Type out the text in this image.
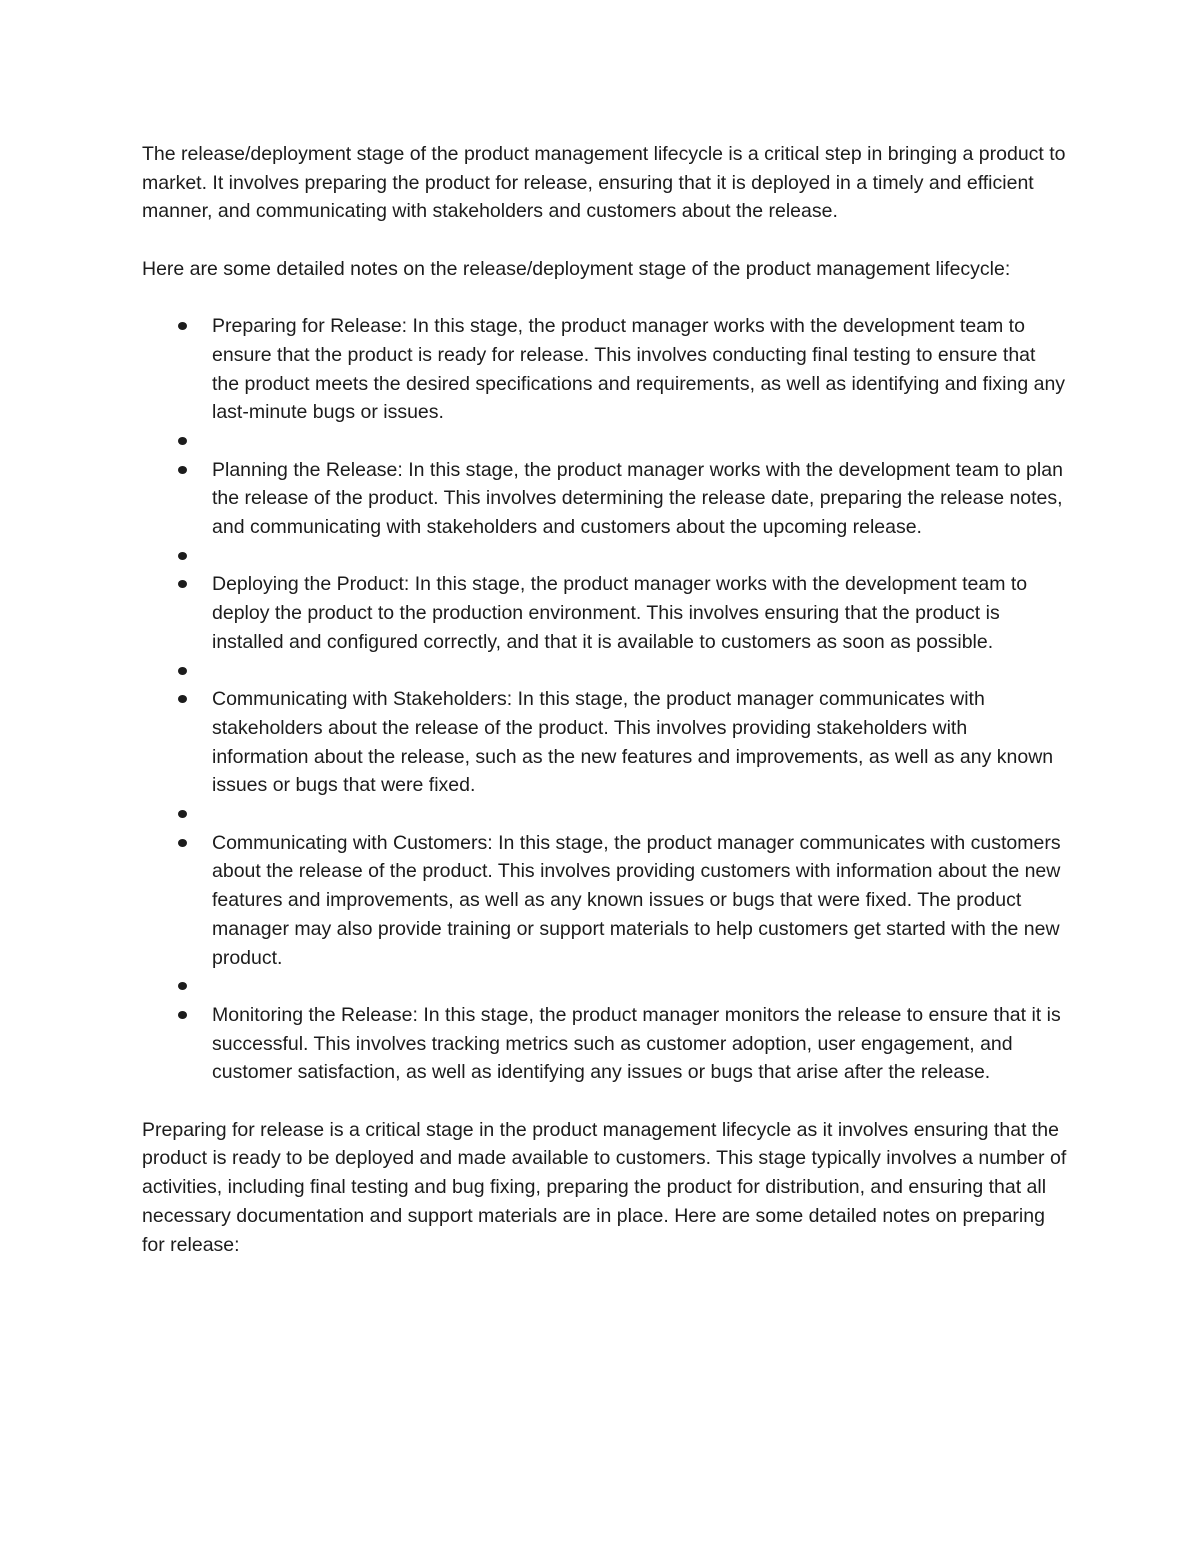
The release/deployment stage of the product management lifecycle is a critical step in bringing a product to market. It involves preparing the product for release, ensuring that it is deployed in a timely and efficient manner, and communicating with stakeholders and customers about the release.

Here are some detailed notes on the release/deployment stage of the product management lifecycle:

Preparing for Release: In this stage, the product manager works with the development team to ensure that the product is ready for release. This involves conducting final testing to ensure that the product meets the desired specifications and requirements, as well as identifying and fixing any last-minute bugs or issues.
Planning the Release: In this stage, the product manager works with the development team to plan the release of the product. This involves determining the release date, preparing the release notes, and communicating with stakeholders and customers about the upcoming release.
Deploying the Product: In this stage, the product manager works with the development team to deploy the product to the production environment. This involves ensuring that the product is installed and configured correctly, and that it is available to customers as soon as possible.
Communicating with Stakeholders: In this stage, the product manager communicates with stakeholders about the release of the product. This involves providing stakeholders with information about the release, such as the new features and improvements, as well as any known issues or bugs that were fixed.
Communicating with Customers: In this stage, the product manager communicates with customers about the release of the product. This involves providing customers with information about the new features and improvements, as well as any known issues or bugs that were fixed. The product manager may also provide training or support materials to help customers get started with the new product.
Monitoring the Release: In this stage, the product manager monitors the release to ensure that it is successful. This involves tracking metrics such as customer adoption, user engagement, and customer satisfaction, as well as identifying any issues or bugs that arise after the release.

Preparing for release is a critical stage in the product management lifecycle as it involves ensuring that the product is ready to be deployed and made available to customers. This stage typically involves a number of activities, including final testing and bug fixing, preparing the product for distribution, and ensuring that all necessary documentation and support materials are in place. Here are some detailed notes on preparing for release:
